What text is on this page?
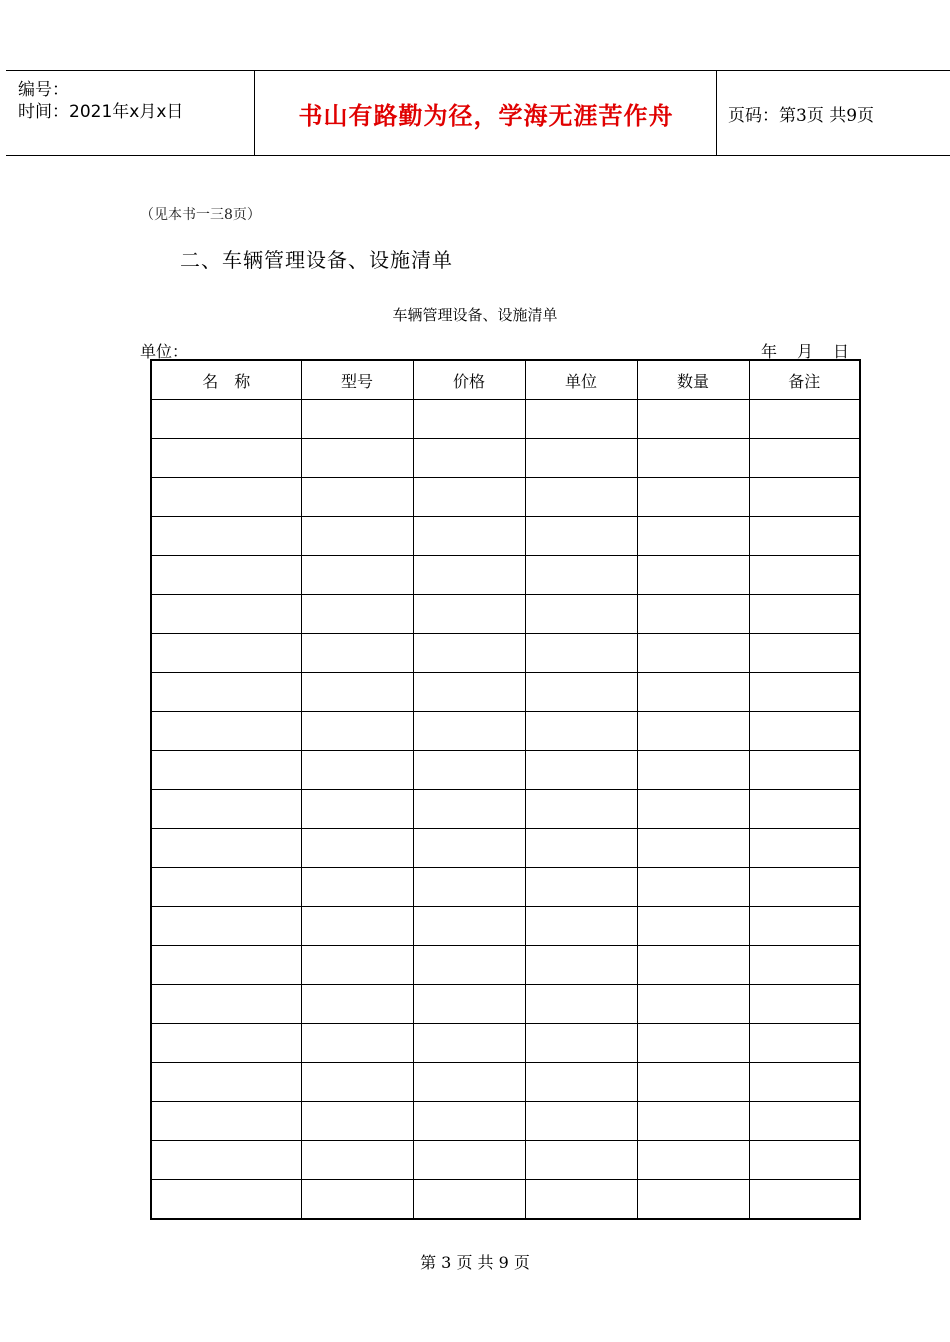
编号：
时间：2021年x月x日	书山有路勤为径，学海无涯苦作舟	页码：第3页 共9页
（见本书一三8页）
二、车辆管理设备、设施清单
车辆管理设备、设施清单
单位：	年 月 日
名　称	型号	价格	单位	数量	备注

第 3 页 共 9 页
